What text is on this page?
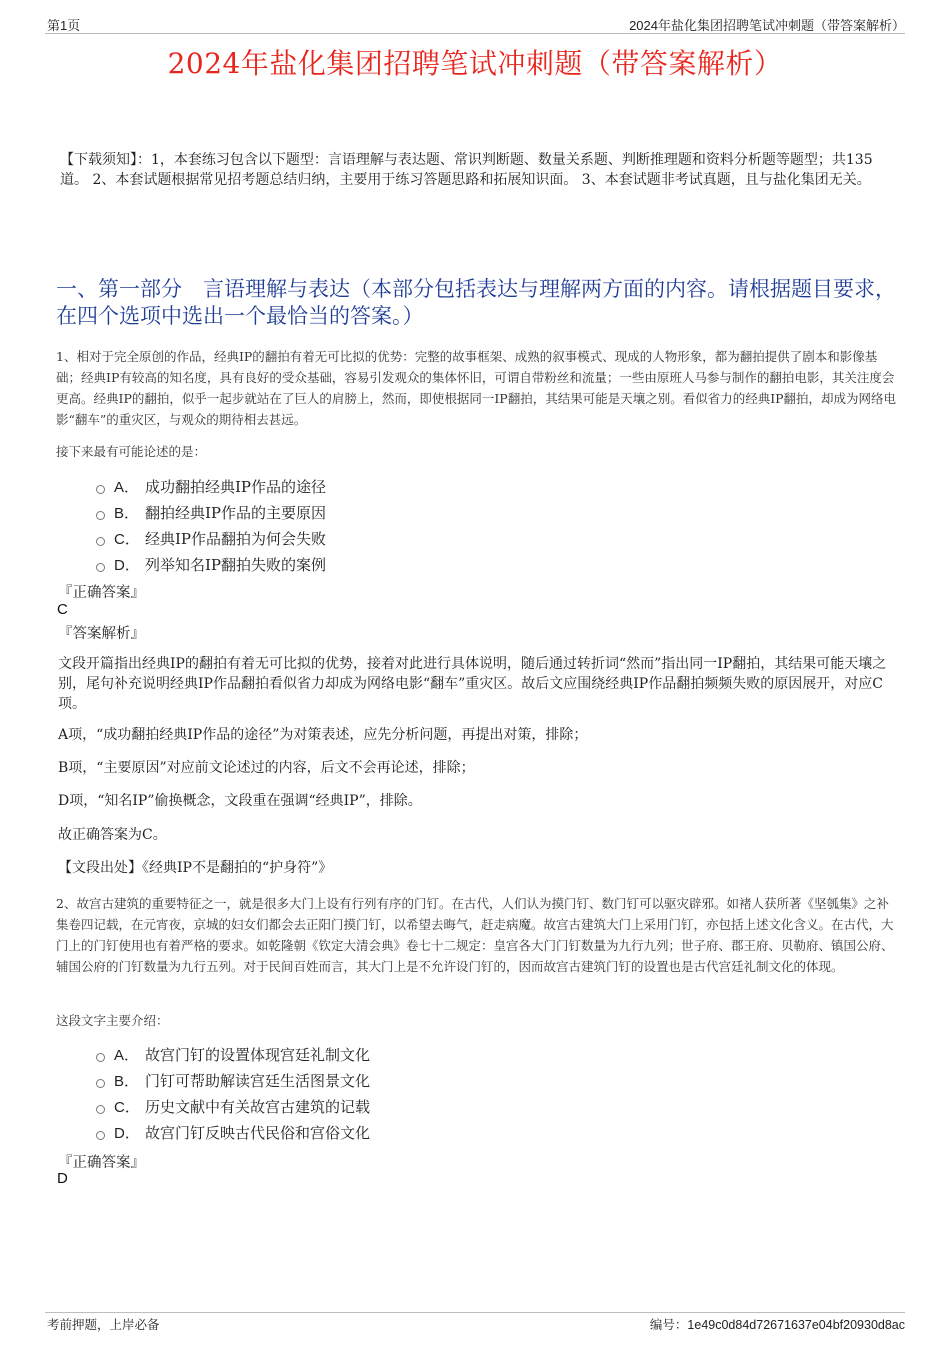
第1页	2024年盐化集团招聘笔试冲刺题（带答案解析）
2024年盐化集团招聘笔试冲刺题（带答案解析）
【下载须知】：1，本套练习包含以下题型：言语理解与表达题、常识判断题、数量关系题、判断推理题和资料分析题等题型；共135道。 2、本套试题根据常见招考题总结归纳，主要用于练习答题思路和拓展知识面。 3、本套试题非考试真题，且与盐化集团无关。
一、第一部分　言语理解与表达（本部分包括表达与理解两方面的内容。请根据题目要求，在四个选项中选出一个最恰当的答案。）
1、相对于完全原创的作品，经典IP的翻拍有着无可比拟的优势：完整的故事框架、成熟的叙事模式、现成的人物形象，都为翻拍提供了剧本和影像基础；经典IP有较高的知名度，具有良好的受众基础，容易引发观众的集体怀旧，可谓自带粉丝和流量；一些由原班人马参与制作的翻拍电影，其关注度会更高。经典IP的翻拍，似乎一起步就站在了巨人的肩膀上，然而，即使根据同一IP翻拍，其结果可能是天壤之别。看似省力的经典IP翻拍，却成为网络电影“翻车”的重灾区，与观众的期待相去甚远。
接下来最有可能论述的是：
A． 成功翻拍经典IP作品的途径
B． 翻拍经典IP作品的主要原因
C． 经典IP作品翻拍为何会失败
D． 列举知名IP翻拍失败的案例
『正确答案』
C
『答案解析』
文段开篇指出经典IP的翻拍有着无可比拟的优势，接着对此进行具体说明，随后通过转折词“然而”指出同一IP翻拍，其结果可能天壤之别，尾句补充说明经典IP作品翻拍看似省力却成为网络电影“翻车”重灾区。故后文应围绕经典IP作品翻拍频频失败的原因展开，对应C项。
A项，“成功翻拍经典IP作品的途径”为对策表述，应先分析问题，再提出对策，排除；
B项，“主要原因”对应前文论述过的内容，后文不会再论述，排除；
D项，“知名IP”偷换概念，文段重在强调“经典IP”，排除。
故正确答案为C。
【文段出处】《经典IP不是翻拍的“护身符”》
2、故宫古建筑的重要特征之一，就是很多大门上设有行列有序的门钉。在古代，人们认为摸门钉、数门钉可以驱灾辟邪。如褚人获所著《坚瓠集》之补集卷四记载，在元宵夜，京城的妇女们都会去正阳门摸门钉，以希望去晦气，赶走病魔。故宫古建筑大门上采用门钉，亦包括上述文化含义。在古代，大门上的门钉使用也有着严格的要求。如乾隆朝《钦定大清会典》卷七十二规定：皇宫各大门门钉数量为九行九列；世子府、郡王府、贝勒府、镇国公府、辅国公府的门钉数量为九行五列。对于民间百姓而言，其大门上是不允许设门钉的，因而故宫古建筑门钉的设置也是古代宫廷礼制文化的体现。
这段文字主要介绍：
A． 故宫门钉的设置体现宫廷礼制文化
B． 门钉可帮助解读宫廷生活图景文化
C． 历史文献中有关故宫古建筑的记载
D． 故宫门钉反映古代民俗和宫俗文化
『正确答案』
D
考前押题，上岸必备	编号：1e49c0d84d72671637e04bf20930d8ac
